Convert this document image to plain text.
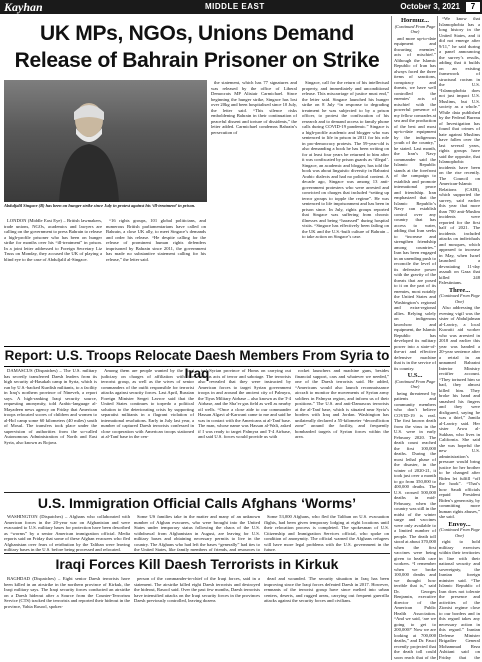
Kayhan	MIDDLE EAST	October 3, 2021	7
UK MPs, NGOs, Unions Demand
Release of Bahrain Prisoner on Strike
Abduljalil Singace (R) has been on hunger strike since July in protest against his ‘ill-treatment’ in prison.

LONDON (Middle East Eye) – British lawmakers, trade unions, NGOs, academics and lawyers are calling on the government to press Bahrain to release a high-profile prisoner who has been on hunger strike for months over his “ill-treatment” in prison. In a joint letter addressed to Foreign Secretary Liz Truss on Monday, they accused the UK of playing a blind eye to the case of Abduljalil al-Singace.

“16 rights groups, 101 global politicians, and numerous British parliamentarians have called on Bahrain, a close UK ally, to meet Singace’s demands and order his release. “He despite calling for the release of prominent human rights defenders imprisoned by Bahrain since 2011, the government has made no substantive statement calling for his release,” the letter said.

the statement, which has 77 signatures and was released by the office of Liberal Democrats MP Alistair Carmichael. Since beginning the hunger strike, Singace has lost over 20kg and been hospitalised since 10 July, the letter said. “This silence risks emboldening Bahrain in their continuation of peaceful dissent and torture of dissidents,” the letter added. Carmichael condemns Bahrain’s persecution of

Singace, call for the return of his intellectual property, and immediately and unconditional release. This miscarriage of justice must end,” the letter said. Singace launched his hunger strike on 8 July “in response to degrading treatment he was subjected to by a prison officer, to protest the confiscation of his research and to demand access to family phone calls during COVID-19 pandemic.” Singace is a high-profile academic and blogger who was sentenced to life in prison in 2011 for his role in pro-democracy protests. The 59-year-old is also demanding a book he has been writing on for at least four years be returned to him after it was confiscated by prison guards as ‘illegal’. Singace, an academic and blogger, has told the book was about linguistic diversity in Bahraini Arabic dialects and had no political content. A decade ago, Singace was among 13 anti-government protesters who were arrested and convicted on charges that included “setting up terror groups to topple the regime”. He was sentenced to life imprisonment and has been in prison since. In July, rights groups reported that Singace was suffering from chronic illnesses and being “harassed” during hospital visits. “Singace has effectively been failing on the UK and the U.S.-built culture of Bahrain – to take action on Singace’s case.

Report: U.S. Troops Relocate Daesh Members From Syria to Iraq

DAMASCUS (Dispatches) – The U.S. military has secretly transferred Daesh leaders from its high security al-Hasakah camp in Syria, which is run by U.S.-backed Kurdish militants, to a facility in Iraq’s northern province of Nineveh, a report says. A high-ranking Iraqi security source, requesting anonymity, told Arabic-language al-Mayadeen news agency on Friday that American troops relocated scores of children and women to al-Hol camp some 60 kilometers (40 miles) south of Mosul. The transfers took place under the supervision of authorities from the so-called Autonomous Administration of North and East Syria, also known as Rojava.

Among them are people wanted by the Iraqi judiciary on charges of affiliation with the terrorist group, as well as the wives of senior commanders of the outfit responsible for terrorist attacks against security forces. Last April, Russian Foreign Minister Sergei Lavrov said that the United States continues to torpedo a political solution to the deteriorating crisis by supporting separatist militants in a flagrant violation of international resolutions. Early in July last year, a number of captured Daesh terrorists confessed in close cooperation with American troops stationed at al-Tanf base in the cen-

tral Syrian province of Homs on carrying out various acts of terror and sabotage. The terrorists also revealed that they were instructed by American forces to target Syrian government troops in and around the ancient city of Palmyra, the Tiyas Military Airbase – also known as the T-4 Airbase, and the Sha’er gas field as well as nearby oil wells. “Once a close aide to our commander Hassan Algavi al-Karwani came to me and said he was in contact with the Americans at al-Tanf base. The man, whose name was Hassan al-Wali, asked if I was ready to target Palmyra and T-4 Airbase, and said U.S. forces would provide us with

rocket launchers and machine guns, besides financial support, cars and whatever we needed,” one of the Daesh terrorists said. He added, “Americans would also launch reconnaissance aircraft to monitor the movements of Syrian army soldiers in Palmyra region, and inform us of their positions.” The U.S. and anti-Damascus terrorists at the al-Tanf base, which is situated near Syria’s borders with Iraq and Jordan. Washington has unilaterally declared a 55-kilometer “deconfliction zone” around the facility, and frequently bombarded targets of Syrian forces within the area.

U.S. Immigration Official Calls Afghans ‘Worms’

WASHINGTON (Dispatches) – Afghans who collaborated with American forces in the 20-year war on Afghanistan and were evacuated to U.S. military bases for protection have been described as “worms” by a senior American immigration official. Media reports said on Friday that some of these Afghan evacuees who fled Afghanistan over fears of retribution by the Taliban were leaving military bases in the U.S. before being processed and relocated.

Some US families take in the matter and many of an unknown number of Afghan evacuees, who were brought into the United States under temporary status following the chaos of the U.S. withdrawal from Afghanistan in August, are leaving for U.S. military bases and obtaining necessary permits to live in the country. The Afghans who had left the bases “generally” had ties to the United States, like family members of friends, and resources to

Some 53,000 Afghans, who fled the Taliban on U.S. evacuation flights, had been given temporary lodging at eight locations until their relocation process is completed. The spokesman of U.S. Citizenship and Immigration Services official, who spoke on condition of anonymity. The official warned the Afghans refugees will have more legal problems with the U.S. government in the future.

Iraqi Forces Kill Daesh Terrorists in Kirkuk

BAGHDAD (Dispatches) – Eight senior Daesh terrorists have been killed in an airstrike in the northern province of Kirkuk, the Iraqi military says. The Iraqi security forces conducted an airstrike on a Daesh hideout after a Source from the Counter-Terrorism Service (CTS) tracked the terrorists and reported their hideout in the province, Yahia Rasool, spokes-

person of the commander-in-chief of the Iraqi forces, said in a statement. The airstrike killed eight Daesh terrorists and destroyed the hideout, Rasool said. Over the past few months, Daesh terrorists have intensified attacks on the Iraqi security forces in the provinces Daesh previously controlled, leaving dozens

dead and wounded. The security situation in Iraq has been improving since the Iraqi forces defeated Daesh in 2017. However, remnants of the terrorist group have since melted into urban centers, deserts, and rugged areas, carrying out frequent guerrilla attacks against the security forces and civilians.

Hormuz...
(Continued From Page One)

and more up-to-date equipment and thwarting enemies’ acts of mischief.” Although the Islamic Republic of Iran has always faced the three items of sanctions, conspiracy and threats, we have well controlled the enemies’ acts of mischief with the powerful presence of my fellow comrades at sea and the production of the best and most up-to-date equipment by the indigenous youth of the country,” he stated. Last month, the Iran’s Navy commander said the Islamic Republic stands at the forefront of the campaign to establish and promote international peace and friendship. Iran emphasized that the Islamic Republic’s Navy can establish control over any country that has access to water, adding that Iran seeks to “increase and strengthen friendship among countries.” Iran has been engaged in an unending push to reconcile the level of its defensive power with the gravity of the threats that are posed to it on the part of its enemies, most notably the United States and Washington’s regional and extra-regional allies. Relying solely on indigenous knowhow and equipment, the Islamic Republic has developed its military power into a state-of-the-art and effective defensive machine that is in the service of its country.

U.S...
(Continued From Page One)

being threatened by patients and community members who don’t believe COVID-19 is real. The first known death from the virus in the U.S. were in early February 2020. The death count reached the first 100,000 deaths. During the most lethal phase of the disaster, in the winter of 2020-21, it took just over a month to go from 350,000 to 400,000 deaths. The U.S. crossed 500,000 deaths in mid-February, when the country was still in the midst of the winter surge and vaccines were only available to a limited number of people. The death toll stood at about 370,000 when the first vaccines were being given to health care workers. “I remember when we broke 100,000 deaths and we thought how terrible that is,” said Dr. Georges Benjamin, executive director of the American Public Health Association. “And we said, ‘are we going to get to 200,000?’ Now we are looking at 700,000 deaths,” and Dr. Fauci recently projected that the death toll could soon reach that of the

“We know that Islamophobia has a long history in the United States, and it did not emerge after 9/11,” he said during a panel announcing the survey’s results, adding that it builds on an existing framework of structural racism in the U.S. “Islamophobia does not just impact U.S. Muslims, but U.S. society as a whole.” While data published by the Federal Bureau of Investigation has found that crimes of hate against Muslims have fallen over the last several years, rights groups have said the opposite, that Islamophobic incidents have been on the rise recently. The Council on American-Islamic Relations (CAIR), which supported the survey, said earlier this year that more than 700 anti-Muslim incidents were reported for the first half of 2021. The incidents included attacks on individuals and mosques, which appeared to increase in May, when Israel launched a devastating 11-day assault on Gaza that killed 248 Palestinians.

Three...
(Continued From Page One)

Also addressing the evening vigil was the sister of Abduljalman al-Lawiry, a local Kuwaiti aid worker who was arrested in 2018 and earlier this year was handed a 20-year sentence after a retrial in an unnamed Bahraini Interior Ministry rectifier account. “They tortured him so bad, they almost killed him. They broke his hand and smashed his fingers and they were disfigured, saying he was a thief,” Jamila al-Lawiry said. Her sister Arwa al-Sukhan, who lives in California. She said she was hopeful the new U.S. administration’s pressure would bring justice for her brother to be changed after Biden let fulfill “off the hook”. “That’s how Saudi officials repaid President Biden’s generosity, by committing more human rights abuses,” she said.

Envoy...
(Continued From Page One)

right to hold military exercises within their territories in line with their national security and sovereignty, the Iranian foreign minister said. “The Islamic Republic of Iran does not tolerate the presence and activities of the Zionist regime close to our borders and in this regard takes any necessary action in this regard.” Iranian Defense Minister Brigadier General Mohammad Reza Ashtiani said on Friday that the
